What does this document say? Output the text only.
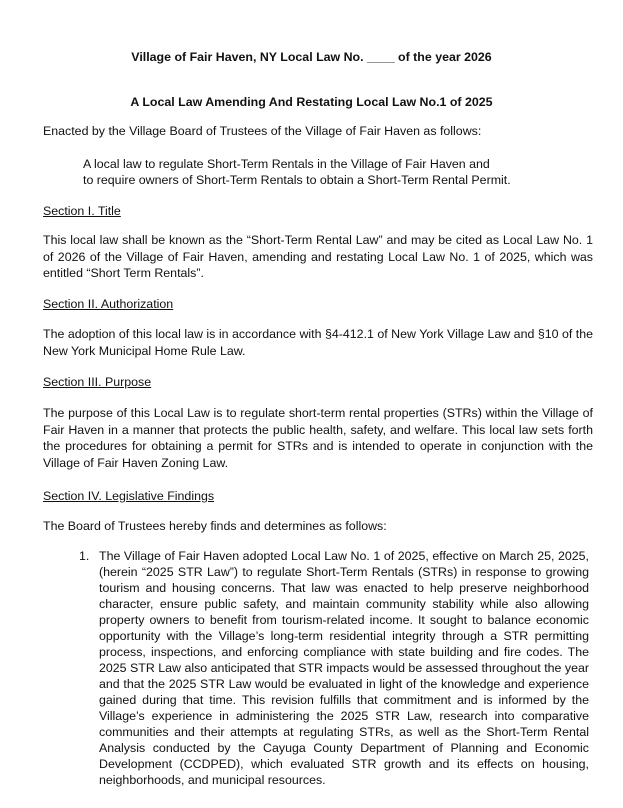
Village of Fair Haven, NY Local Law No. ____ of the year 2026
A Local Law Amending And Restating Local Law No.1 of 2025
Enacted by the Village Board of Trustees of the Village of Fair Haven as follows:
A local law to regulate Short-Term Rentals in the Village of Fair Haven and
to require owners of Short-Term Rentals to obtain a Short-Term Rental Permit.
Section I. Title
This local law shall be known as the “Short-Term Rental Law” and may be cited as Local Law No. 1 of 2026 of the Village of Fair Haven, amending and restating Local Law No. 1 of 2025, which was entitled “Short Term Rentals”.
Section II. Authorization
The adoption of this local law is in accordance with §4-412.1 of New York Village Law and §10 of the New York Municipal Home Rule Law.
Section III. Purpose
The purpose of this Local Law is to regulate short-term rental properties (STRs) within the Village of Fair Haven in a manner that protects the public health, safety, and welfare. This local law sets forth the procedures for obtaining a permit for STRs and is intended to operate in conjunction with the Village of Fair Haven Zoning Law.
Section IV. Legislative Findings
The Board of Trustees hereby finds and determines as follows:
1. The Village of Fair Haven adopted Local Law No. 1 of 2025, effective on March 25, 2025, (herein “2025 STR Law”) to regulate Short-Term Rentals (STRs) in response to growing tourism and housing concerns. That law was enacted to help preserve neighborhood character, ensure public safety, and maintain community stability while also allowing property owners to benefit from tourism-related income. It sought to balance economic opportunity with the Village’s long-term residential integrity through a STR permitting process, inspections, and enforcing compliance with state building and fire codes. The 2025 STR Law also anticipated that STR impacts would be assessed throughout the year and that the 2025 STR Law would be evaluated in light of the knowledge and experience gained during that time. This revision fulfills that commitment and is informed by the Village’s experience in administering the 2025 STR Law, research into comparative communities and their attempts at regulating STRs, as well as the Short-Term Rental Analysis conducted by the Cayuga County Department of Planning and Economic Development (CCDPED), which evaluated STR growth and its effects on housing, neighborhoods, and municipal resources.
